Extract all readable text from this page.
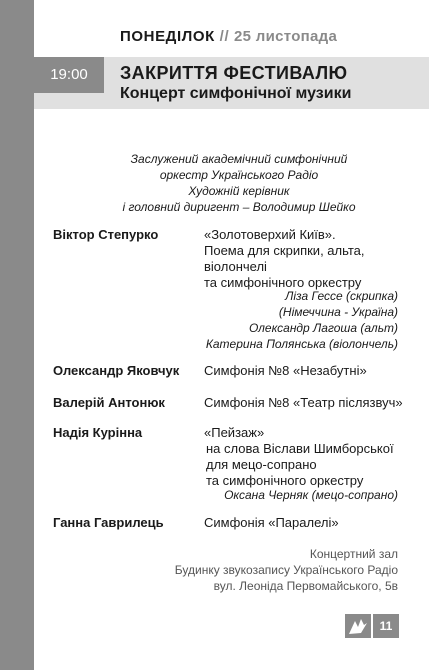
ПОНЕДІЛОК // 25 листопада
19:00	ЗАКРИТТЯ ФЕСТИВАЛЮ
Концерт симфонічної музики
Заслужений академічний симфонічний
оркестр Українського Радіо
Художній керівник
і головний диригент – Володимир Шейко
Віктор Степурко	«Золотоверхий Київ».
Поема для скрипки, альта,
віолончелі
та симфонічного оркестру
Ліза Гессе (скрипка)
(Німеччина - Україна)
Олександр Лагоша (альт)
Катерина Полянська (віолончель)
Олександр Яковчук Симфонія №8 «Незабутні»
Валерій Антонюк	Симфонія №8 «Театр післязвуч»
Надія Курінна	«Пейзаж»
на слова Віслави Шимборської
для мецо-сопрано
та симфонічного оркестру
Оксана Черняк (мецо-сопрано)
Ганна Гаврилець	Симфонія «Паралелі»
Концертний зал
Будинку звукозапису Українського Радіо
вул. Леоніда Первомайського, 5в
11
